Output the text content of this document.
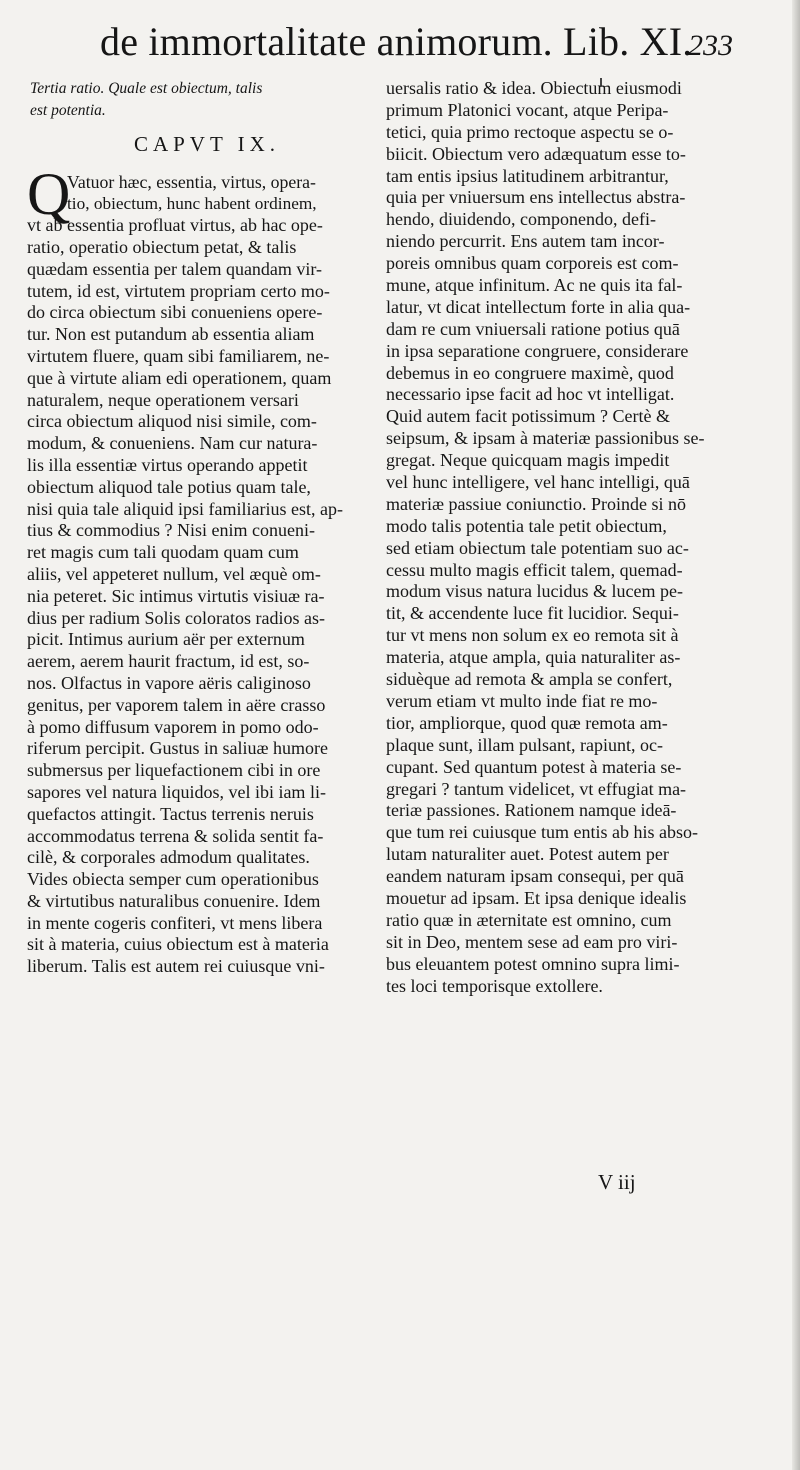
de immortalitate animorum. Lib. XI.
233
Tertia ratio. Quale est obiectum, talis
est potentia.
CAPVT IX.
Q
Vatuor hæc, essentia, virtus, opera-
tio, obiectum, hunc habent ordinem,
vt ab essentia profluat virtus, ab hac ope-
ratio, operatio obiectum petat, & talis
quædam essentia per talem quandam vir-
tutem, id est, virtutem propriam certo mo-
do circa obiectum sibi conueniens opere-
tur. Non est putandum ab essentia aliam
virtutem fluere, quam sibi familiarem, ne-
que à virtute aliam edi operationem, quam
naturalem, neque operationem versari
circa obiectum aliquod nisi simile, com-
modum, & conueniens. Nam cur natura-
lis illa essentiæ virtus operando appetit
obiectum aliquod tale potius quam tale,
nisi quia tale aliquid ipsi familiarius est, ap-
tius & commodius ? Nisi enim conueni-
ret magis cum tali quodam quam cum
aliis, vel appeteret nullum, vel æquè om-
nia peteret. Sic intimus virtutis visiuæ ra-
dius per radium Solis coloratos radios as-
picit. Intimus aurium aër per externum
aerem, aerem haurit fractum, id est, so-
nos. Olfactus in vapore aëris caliginoso
genitus, per vaporem talem in aëre crasso
à pomo diffusum vaporem in pomo odo-
riferum percipit. Gustus in saliuæ humore
submersus per liquefactionem cibi in ore
sapores vel natura liquidos, vel ibi iam li-
quefactos attingit. Tactus terrenis neruis
accommodatus terrena & solida sentit fa-
cilè, & corporales admodum qualitates.
Vides obiecta semper cum operationibus
& virtutibus naturalibus conuenire. Idem
in mente cogeris confiteri, vt mens libera
sit à materia, cuius obiectum est à materia
liberum. Talis est autem rei cuiusque vni-
uersalis ratio & idea. Obiectum eiusmodi
primum Platonici vocant, atque Peripa-
tetici, quia primo rectoque aspectu se o-
biicit. Obiectum vero adæquatum esse to-
tam entis ipsius latitudinem arbitrantur,
quia per vniuersum ens intellectus abstra-
hendo, diuidendo, componendo, defi-
niendo percurrit. Ens autem tam incor-
poreis omnibus quam corporeis est com-
mune, atque infinitum. Ac ne quis ita fal-
latur, vt dicat intellectum forte in alia qua-
dam re cum vniuersali ratione potius quā
in ipsa separatione congruere, considerare
debemus in eo congruere maximè, quod
necessario ipse facit ad hoc vt intelligat.
Quid autem facit potissimum ? Certè &
seipsum, & ipsam à materiæ passionibus se-
gregat. Neque quicquam magis impedit
vel hunc intelligere, vel hanc intelligi, quā
materiæ passiue coniunctio. Proinde si nō
modo talis potentia tale petit obiectum,
sed etiam obiectum tale potentiam suo ac-
cessu multo magis efficit talem, quemad-
modum visus natura lucidus & lucem pe-
tit, & accendente luce fit lucidior. Sequi-
tur vt mens non solum ex eo remota sit à
materia, atque ampla, quia naturaliter as-
siduèque ad remota & ampla se confert,
verum etiam vt multo inde fiat re mo-
tior, ampliorque, quod quæ remota am-
plaque sunt, illam pulsant, rapiunt, oc-
cupant. Sed quantum potest à materia se-
gregari ? tantum videlicet, vt effugiat ma-
teriæ passiones. Rationem namque ideā-
que tum rei cuiusque tum entis ab his abso-
lutam naturaliter auet. Potest autem per
eandem naturam ipsam consequi, per quā
mouetur ad ipsam. Et ipsa denique idealis
ratio quæ in æternitate est omnino, cum
sit in Deo, mentem sese ad eam pro viri-
bus eleuantem potest omnino supra limi-
tes loci temporisque extollere.
V iij
